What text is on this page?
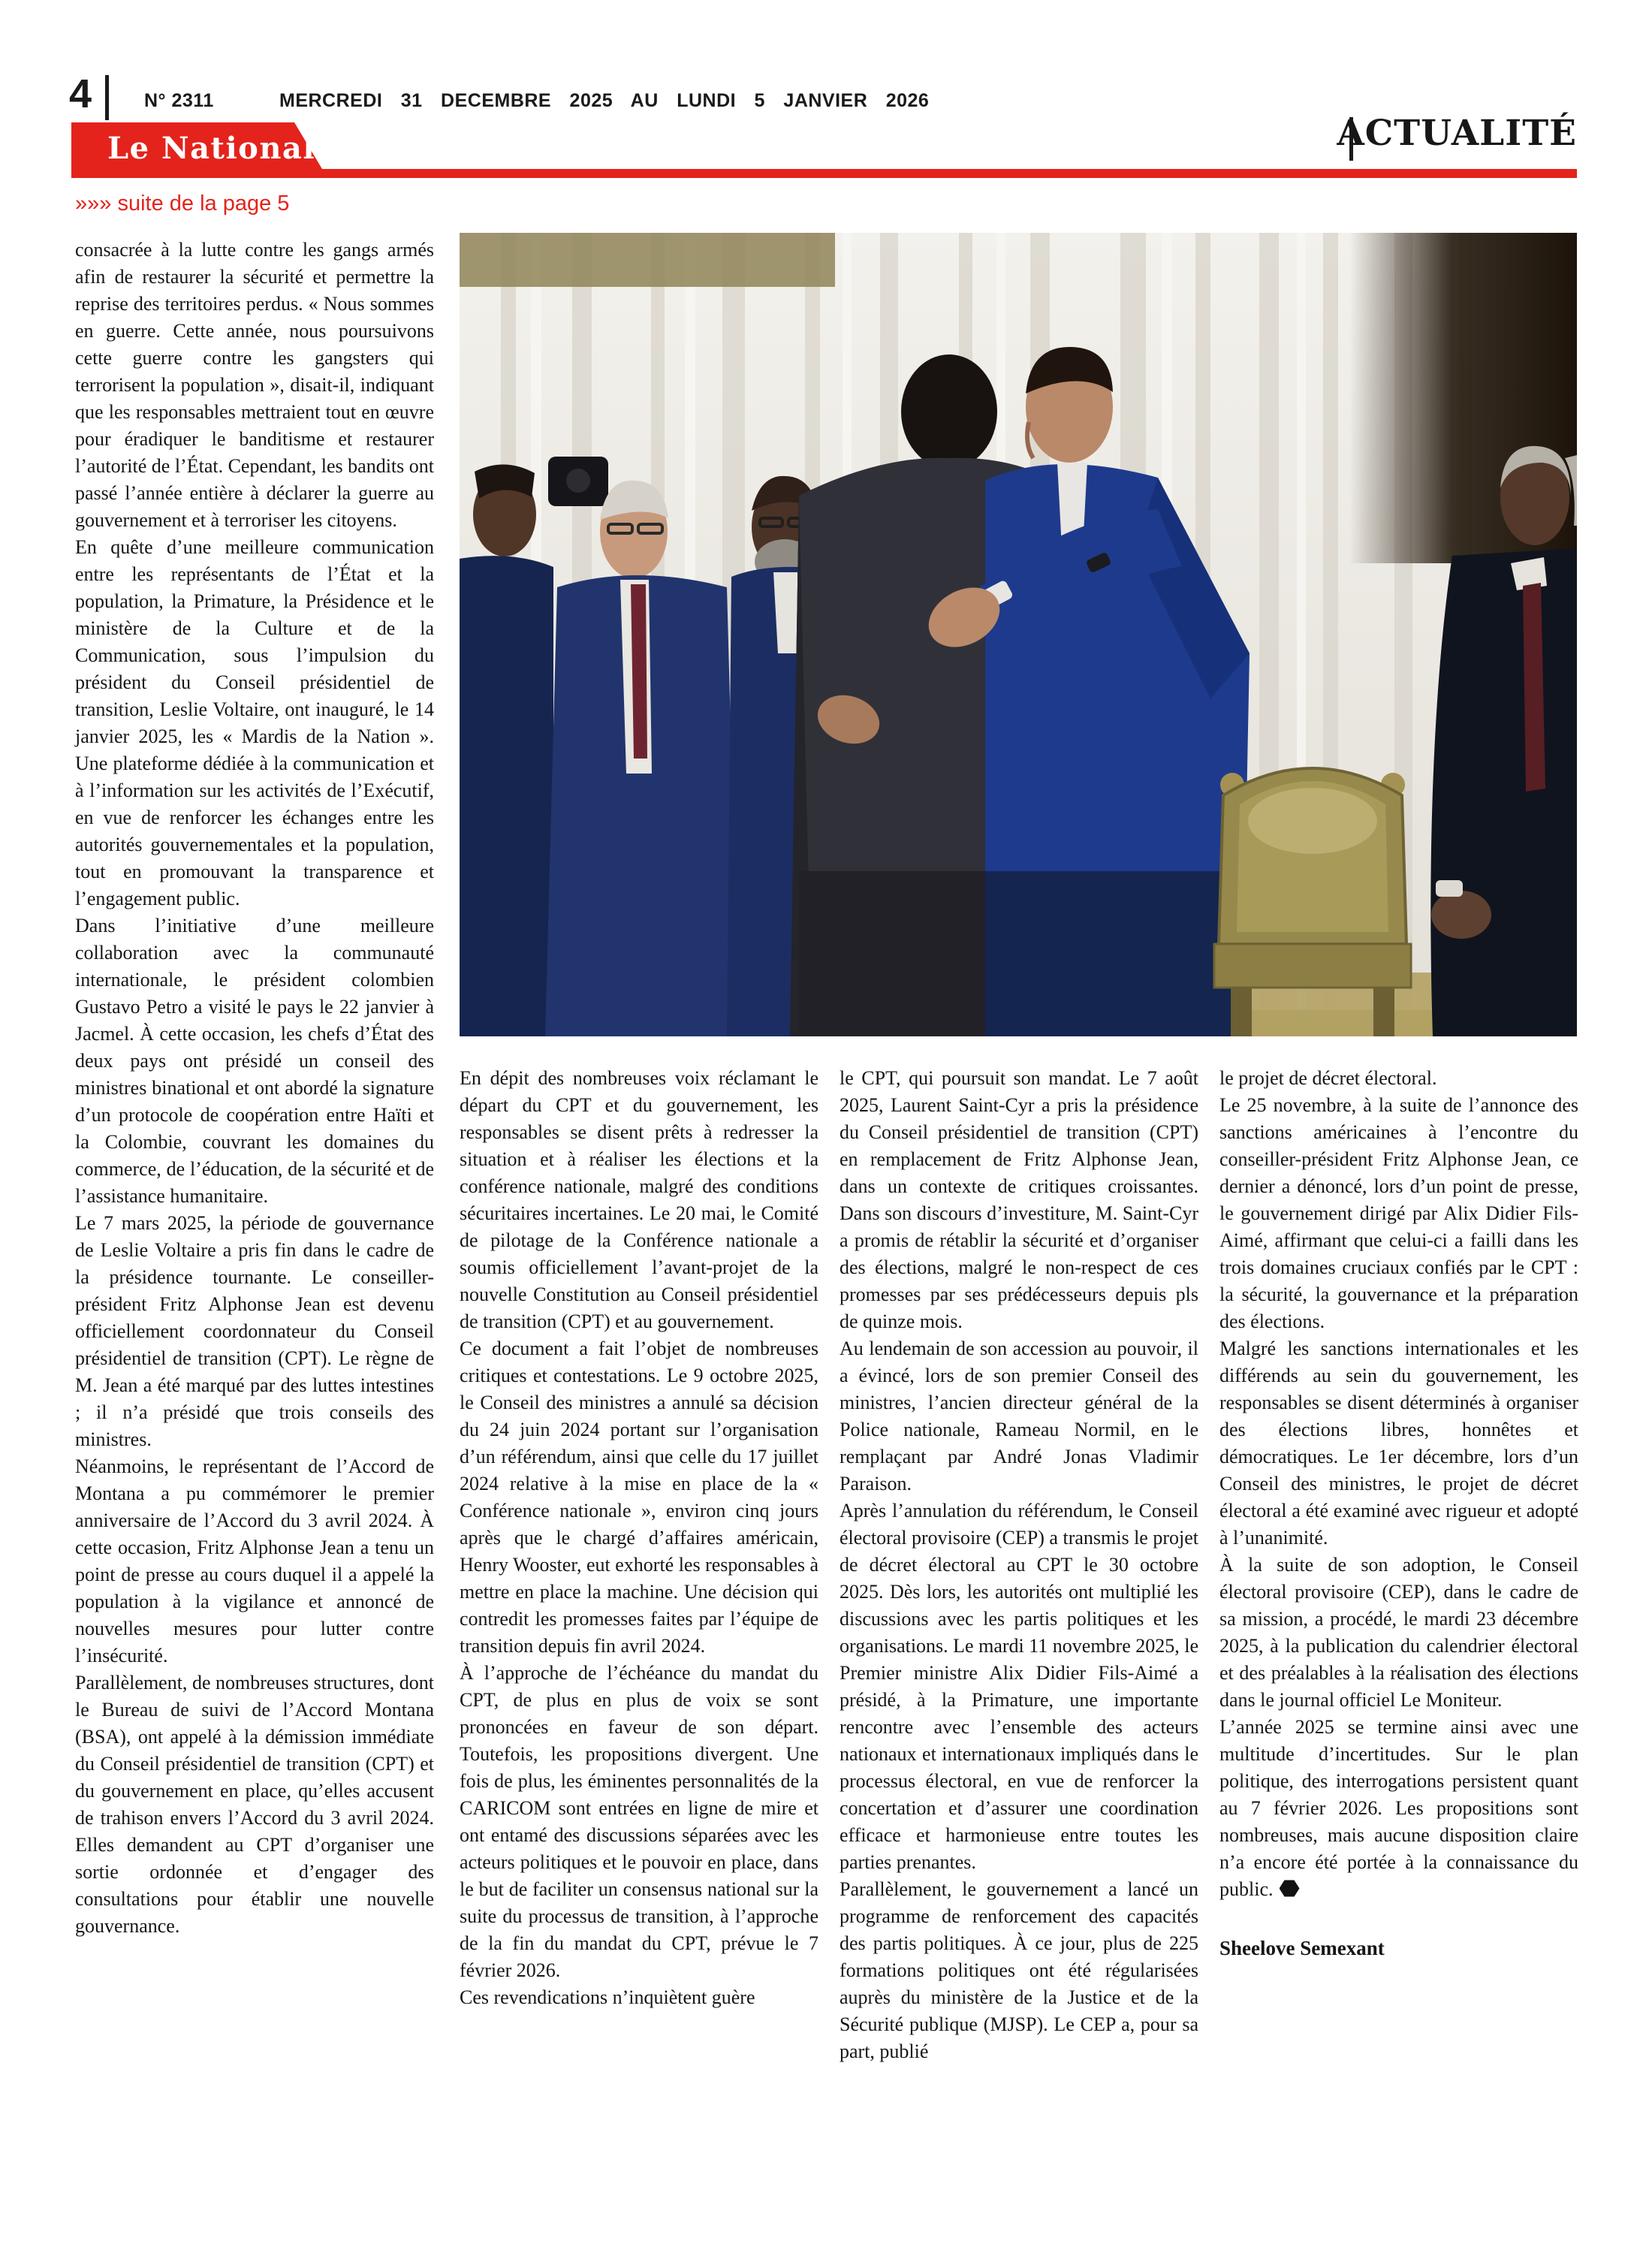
4	N° 2311	MERCREDI 31 DECEMBRE 2025 AU LUNDI 5 JANVIER 2026
ACTUALITÉ
Le National
»»» suite de la page 5

consacrée à la lutte contre les gangs armés afin de restaurer la sécurité et permettre la reprise des territoires perdus. « Nous sommes en guerre. Cette année, nous poursuivons cette guerre contre les gangsters qui terrorisent la population », disait-il, indiquant que les responsables mettraient tout en œuvre pour éradiquer le banditisme et restaurer l’autorité de l’État. Cependant, les bandits ont passé l’année entière à déclarer la guerre au gouvernement et à terroriser les citoyens.

En quête d’une meilleure communication entre les représentants de l’État et la population, la Primature, la Présidence et le ministère de la Culture et de la Communication, sous l’impulsion du président du Conseil présidentiel de transition, Leslie Voltaire, ont inauguré, le 14 janvier 2025, les « Mardis de la Nation ». Une plateforme dédiée à la communication et à l’information sur les activités de l’Exécutif, en vue de renforcer les échanges entre les autorités gouvernementales et la population, tout en promouvant la transparence et l’engagement public.

Dans l’initiative d’une meilleure collaboration avec la communauté internationale, le président colombien Gustavo Petro a visité le pays le 22 janvier à Jacmel. À cette occasion, les chefs d’État des deux pays ont présidé un conseil des ministres binational et ont abordé la signature d’un protocole de coopération entre Haïti et la Colombie, couvrant les domaines du commerce, de l’éducation, de la sécurité et de l’assistance humanitaire.

Le 7 mars 2025, la période de gouvernance de Leslie Voltaire a pris fin dans le cadre de la présidence tournante. Le conseiller-président Fritz Alphonse Jean est devenu officiellement coordonnateur du Conseil présidentiel de transition (CPT). Le règne de M. Jean a été marqué par des luttes intestines ; il n’a présidé que trois conseils des ministres.

Néanmoins, le représentant de l’Accord de Montana a pu commémorer le premier anniversaire de l’Accord du 3 avril 2024. À cette occasion, Fritz Alphonse Jean a tenu un point de presse au cours duquel il a appelé la population à la vigilance et annoncé de nouvelles mesures pour lutter contre l’insécurité.

Parallèlement, de nombreuses structures, dont le Bureau de suivi de l’Accord Montana (BSA), ont appelé à la démission immédiate du Conseil présidentiel de transition (CPT) et du gouvernement en place, qu’elles accusent de trahison envers l’Accord du 3 avril 2024. Elles demandent au CPT d’organiser une sortie ordonnée et d’engager des consultations pour établir une nouvelle gouvernance.

En dépit des nombreuses voix réclamant le départ du CPT et du gouvernement, les responsables se disent prêts à redresser la situation et à réaliser les élections et la conférence nationale, malgré des conditions sécuritaires incertaines. Le 20 mai, le Comité de pilotage de la Conférence nationale a soumis officiellement l’avant-projet de la nouvelle Constitution au Conseil présidentiel de transition (CPT) et au gouvernement.

Ce document a fait l’objet de nombreuses critiques et contestations. Le 9 octobre 2025, le Conseil des ministres a annulé sa décision du 24 juin 2024 portant sur l’organisation d’un référendum, ainsi que celle du 17 juillet 2024 relative à la mise en place de la « Conférence nationale », environ cinq jours après que le chargé d’affaires américain, Henry Wooster, eut exhorté les responsables à mettre en place la machine. Une décision qui contredit les promesses faites par l’équipe de transition depuis fin avril 2024.

À l’approche de l’échéance du mandat du CPT, de plus en plus de voix se sont prononcées en faveur de son départ. Toutefois, les propositions divergent. Une fois de plus, les éminentes personnalités de la CARICOM sont entrées en ligne de mire et ont entamé des discussions séparées avec les acteurs politiques et le pouvoir en place, dans le but de faciliter un consensus national sur la suite du processus de transition, à l’approche de la fin du mandat du CPT, prévue le 7 février 2026.

Ces revendications n’inquiètent guère

le CPT, qui poursuit son mandat. Le 7 août 2025, Laurent Saint-Cyr a pris la présidence du Conseil présidentiel de transition (CPT) en remplacement de Fritz Alphonse Jean, dans un contexte de critiques croissantes. Dans son discours d’investiture, M. Saint-Cyr a promis de rétablir la sécurité et d’organiser des élections, malgré le non-respect de ces promesses par ses prédécesseurs depuis pls de quinze mois.

Au lendemain de son accession au pouvoir, il a évincé, lors de son premier Conseil des ministres, l’ancien directeur général de la Police nationale, Rameau Normil, en le remplaçant par André Jonas Vladimir Paraison.

Après l’annulation du référendum, le Conseil électoral provisoire (CEP) a transmis le projet de décret électoral au CPT le 30 octobre 2025. Dès lors, les autorités ont multiplié les discussions avec les partis politiques et les organisations. Le mardi 11 novembre 2025, le Premier ministre Alix Didier Fils-Aimé a présidé, à la Primature, une importante rencontre avec l’ensemble des acteurs nationaux et internationaux impliqués dans le processus électoral, en vue de renforcer la concertation et d’assurer une coordination efficace et harmonieuse entre toutes les parties prenantes.

Parallèlement, le gouvernement a lancé un programme de renforcement des capacités des partis politiques. À ce jour, plus de 225 formations politiques ont été régularisées auprès du ministère de la Justice et de la Sécurité publique (MJSP). Le CEP a, pour sa part, publié

le projet de décret électoral.

Le 25 novembre, à la suite de l’annonce des sanctions américaines à l’encontre du conseiller-président Fritz Alphonse Jean, ce dernier a dénoncé, lors d’un point de presse, le gouvernement dirigé par Alix Didier Fils-Aimé, affirmant que celui-ci a failli dans les trois domaines cruciaux confiés par le CPT : la sécurité, la gouvernance et la préparation des élections.

Malgré les sanctions internationales et les différends au sein du gouvernement, les responsables se disent déterminés à organiser des élections libres, honnêtes et démocratiques. Le 1er décembre, lors d’un Conseil des ministres, le projet de décret électoral a été examiné avec rigueur et adopté à l’unanimité.

À la suite de son adoption, le Conseil électoral provisoire (CEP), dans le cadre de sa mission, a procédé, le mardi 23 décembre 2025, à la publication du calendrier électoral et des préalables à la réalisation des élections dans le journal officiel Le Moniteur.

L’année 2025 se termine ainsi avec une multitude d’incertitudes. Sur le plan politique, des interrogations persistent quant au 7 février 2026. Les propositions sont nombreuses, mais aucune disposition claire n’a encore été portée à la connaissance du public.

Sheelove Semexant
